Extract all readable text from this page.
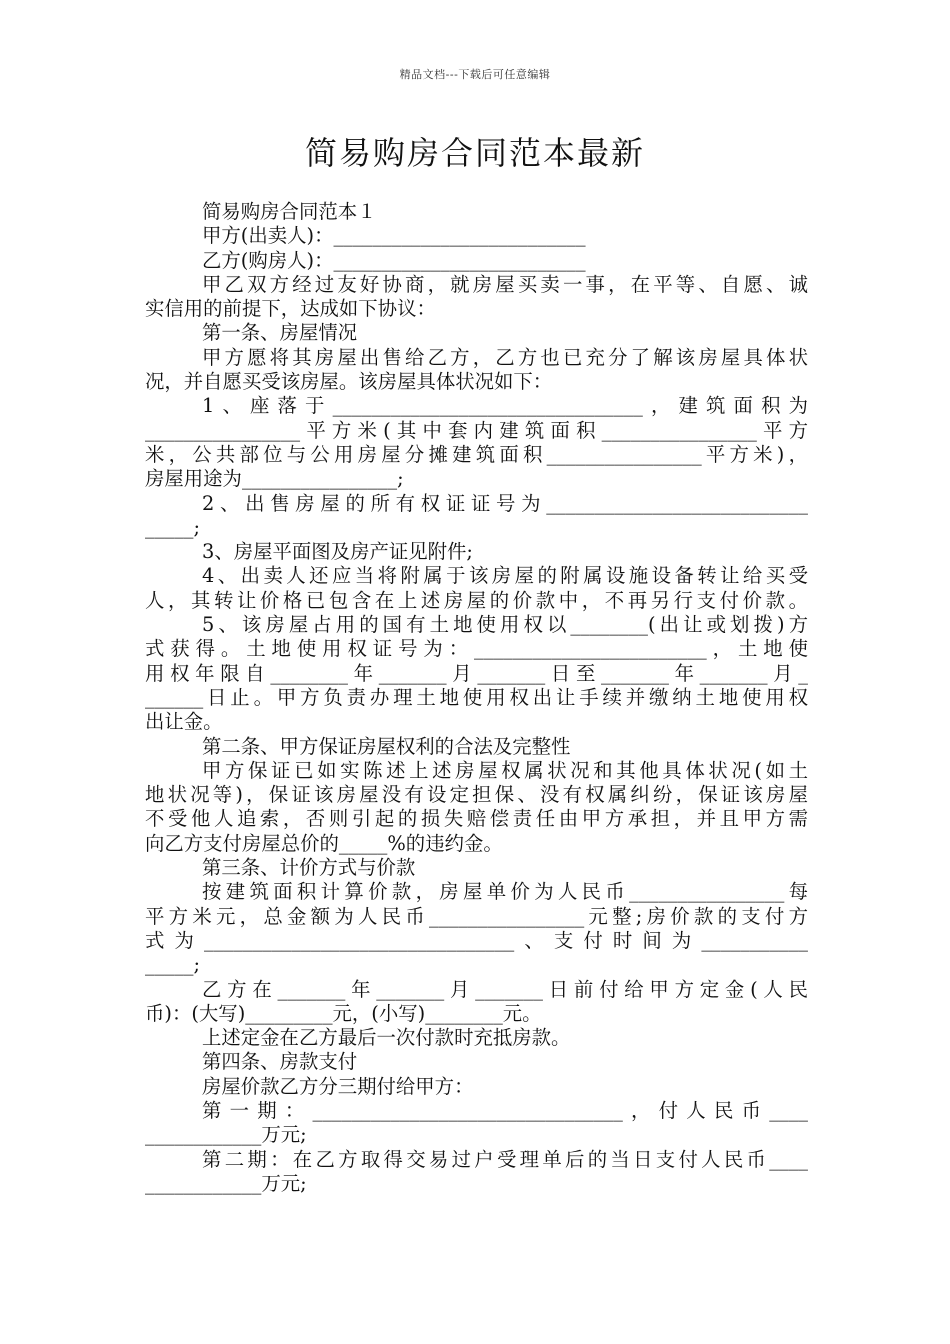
精品文档---下载后可任意编辑
简易购房合同范本最新
简易购房合同范本１
甲方(出卖人)：__________________________
乙方(购房人)：__________________________
甲乙双方经过友好协商，就房屋买卖一事，在平等、自愿、诚
实信用的前提下，达成如下协议：
第一条、房屋情况
甲方愿将其房屋出售给乙方，乙方也已充分了解该房屋具体状
况，并自愿买受该房屋。该房屋具体状况如下：
1、座落于________________________________，建筑面积为
________________平方米(其中套内建筑面积________________平方
米，公共部位与公用房屋分摊建筑面积________________平方米)，
房屋用途为________________;
2、出售房屋的所有权证证号为___________________________
_____;
3、房屋平面图及房产证见附件;
4、出卖人还应当将附属于该房屋的附属设施设备转让给买受
人，其转让价格已包含在上述房屋的价款中，不再另行支付价款。
5、该房屋占用的国有土地使用权以________(出让或划拨)方
式获得。土地使用权证号为：________________________，土地使
用权年限自________年_______月_______日至_______年_______月_
______日止。甲方负责办理土地使用权出让手续并缴纳土地使用权
出让金。
第二条、甲方保证房屋权利的合法及完整性
甲方保证已如实陈述上述房屋权属状况和其他具体状况(如土
地状况等)，保证该房屋没有设定担保、没有权属纠纷，保证该房屋
不受他人追索，否则引起的损失赔偿责任由甲方承担，并且甲方需
向乙方支付房屋总价的_____%的违约金。
第三条、计价方式与价款
按建筑面积计算价款，房屋单价为人民币________________每
平方米元，总金额为人民币________________元整;房价款的支付方
式为________________________________、支付时间为___________
_____;
乙方在_______年_______月_______日前付给甲方定金(人民
币)：(大写)_________元，(小写)________元。
上述定金在乙方最后一次付款时充抵房款。
第四条、房款支付
房屋价款乙方分三期付给甲方：
第一期：________________________________，付人民币____
____________万元;
第二期：在乙方取得交易过户受理单后的当日支付人民币____
____________万元;
